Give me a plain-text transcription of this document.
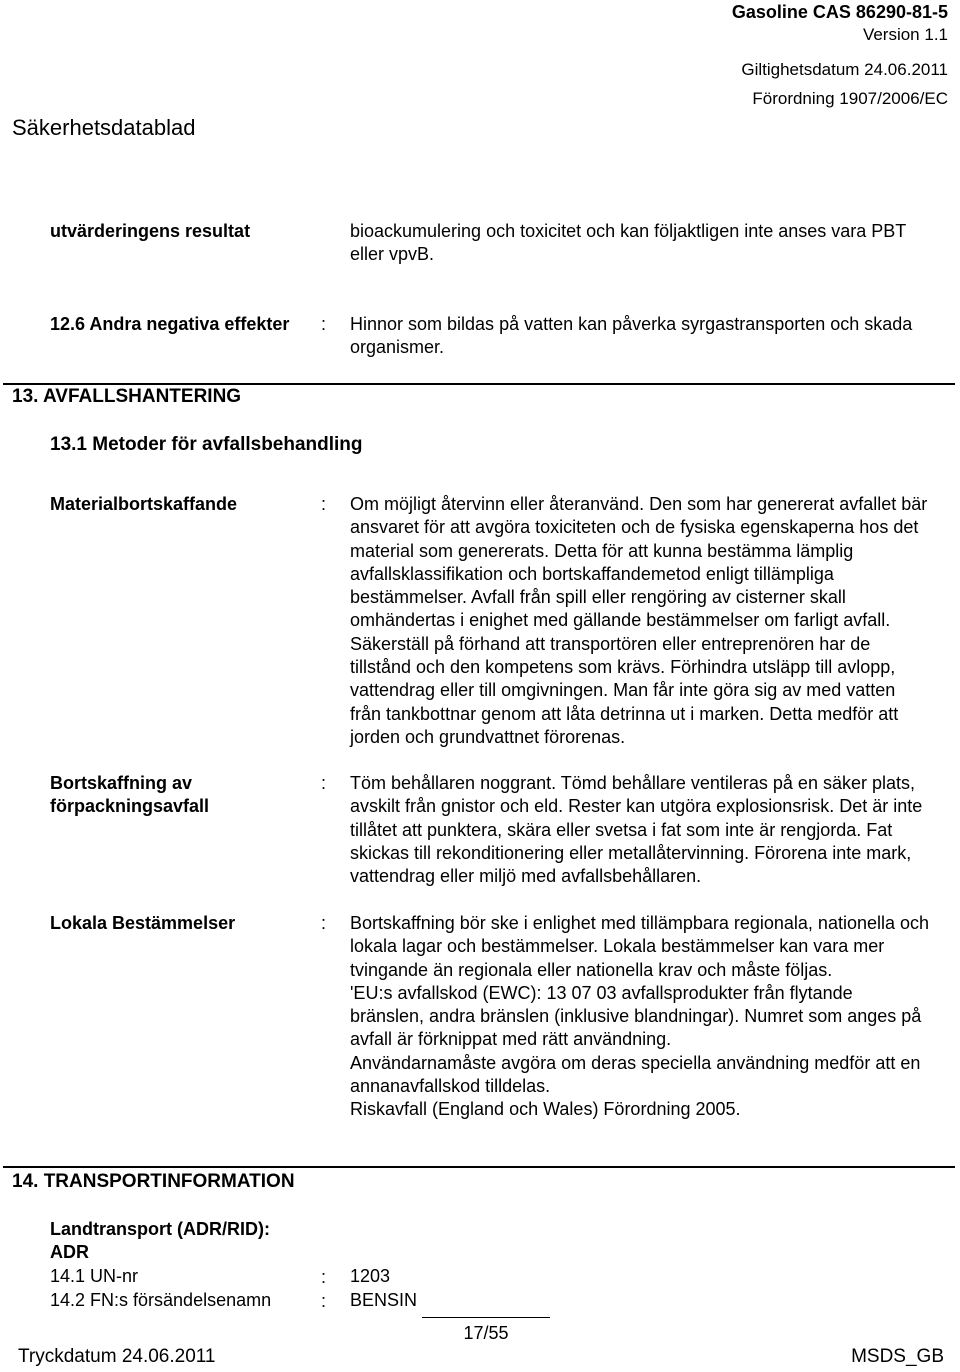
Gasoline CAS 86290-81-5
Version 1.1
Giltighetsdatum 24.06.2011
Förordning 1907/2006/EC
Säkerhetsdatablad
utvärderingens resultat	bioackumulering och toxicitet och kan följaktligen inte anses vara PBT eller vpvB.
12.6 Andra negativa effekter : Hinnor som bildas på vatten kan påverka syrgastransporten och skada organismer.
13. AVFALLSHANTERING
13.1 Metoder för avfallsbehandling
Materialbortskaffande	: Om möjligt återvinn eller återanvänd. Den som har genererat avfallet bär ansvaret för att avgöra toxiciteten och de fysiska egenskaperna hos det material som genererats. Detta för att kunna bestämma lämplig avfallsklassifikation och bortskaffandemetod enligt tillämpliga bestämmelser. Avfall från spill eller rengöring av cisterner skall omhändertas i enighet med gällande bestämmelser om farligt avfall. Säkerställ på förhand att transportören eller entreprenören har de tillstånd och den kompetens som krävs. Förhindra utsläpp till avlopp, vattendrag eller till omgivningen. Man får inte göra sig av med vatten från tankbottnar genom att låta detrinna ut i marken. Detta medför att jorden och grundvattnet förorenas.
Bortskaffning av förpackningsavfall
: Töm behållaren noggrant. Tömd behållare ventileras på en säker plats, avskilt från gnistor och eld. Rester kan utgöra explosionsrisk. Det är inte tillåtet att punktera, skära eller svetsa i fat som inte är rengjorda. Fat skickas till rekonditionering eller metallåtervinning. Förorena inte mark, vattendrag eller miljö med avfallsbehållaren.
Lokala Bestämmelser	: Bortskaffning bör ske i enlighet med tillämpbara regionala, nationella och lokala lagar och bestämmelser. Lokala bestämmelser kan vara mer tvingande än regionala eller nationella krav och måste följas.

'EU:s avfallskod (EWC): 13 07 03 avfallsprodukter från flytande bränslen, andra bränslen (inklusive blandningar). Numret som anges på avfall är förknippat med rätt användning.

Användarnamåste avgöra om deras speciella användning medför att en annanavfallskod tilldelas.

Riskavfall (England och Wales) Förordning 2005.

14. TRANSPORTINFORMATION
Landtransport (ADR/RID):
ADR
14.1 UN-nr	: 1203
14.2 FN:s försändelsenamn	: BENSIN
17/55
Tryckdatum 24.06.2011	MSDS_GB
